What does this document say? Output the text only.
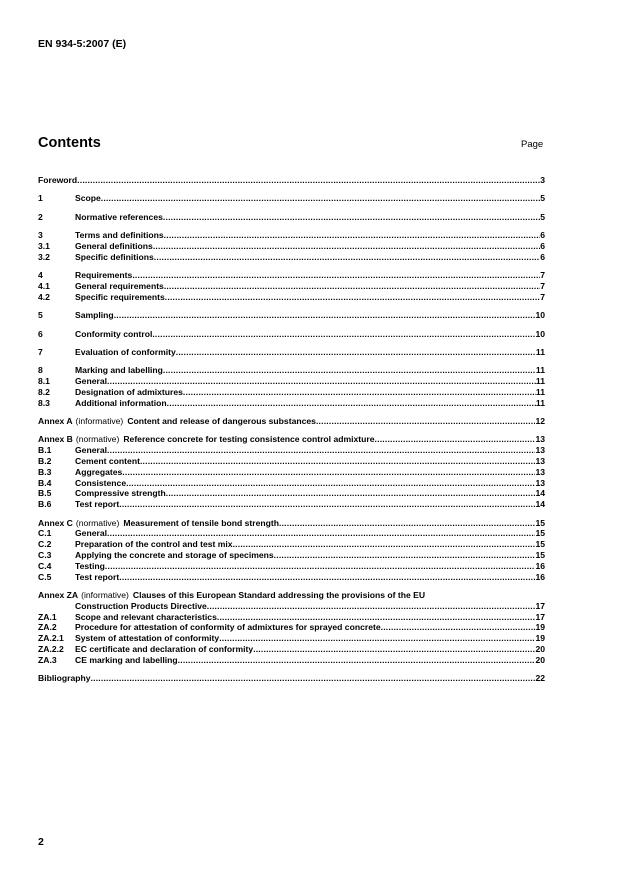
EN 934-5:2007 (E)
Contents	Page
Foreword .....	3
1	Scope .....	5
2	Normative references .....	5
3	Terms and definitions .....	6
3.1	General definitions .....	6
3.2	Specific definitions .....	6
4	Requirements .....	7
4.1	General requirements .....	7
4.2	Specific requirements .....	7
5	Sampling .....	10
6	Conformity control .....	10
7	Evaluation of conformity .....	11
8	Marking and labelling .....	11
8.1	General .....	11
8.2	Designation of admixtures .....	11
8.3	Additional information .....	11
Annex A (informative) Content and release of dangerous substances .....	12
Annex B (normative) Reference concrete for testing consistence control admixture .....	13
B.1	General .....	13
B.2	Cement content .....	13
B.3	Aggregates .....	13
B.4	Consistence .....	13
B.5	Compressive strength .....	14
B.6	Test report .....	14
Annex C (normative) Measurement of tensile bond strength .....	15
C.1	General .....	15
C.2	Preparation of the control and test mix .....	15
C.3	Applying the concrete and storage of specimens .....	15
C.4	Testing .....	16
C.5	Test report .....	16
Annex ZA (informative) Clauses of this European Standard addressing the provisions of the EU
Construction Products Directive .....	17
ZA.1	Scope and relevant characteristics .....	17
ZA.2	Procedure for attestation of conformity of admixtures for sprayed concrete .....	19
ZA.2.1	System of attestation of conformity .....	19
ZA.2.2	EC certificate and declaration of conformity .....	20
ZA.3	CE marking and labelling .....	20
Bibliography .....	22
2
